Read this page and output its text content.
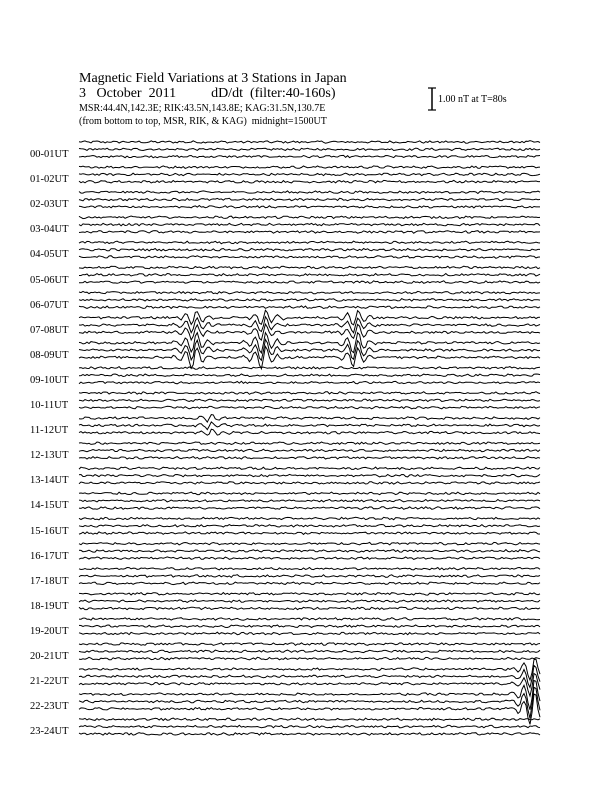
Magnetic Field Variations at 3 Stations in Japan
3   October  2011          dD/dt  (filter:40-160s)
MSR:44.4N,142.3E; RIK:43.5N,143.8E; KAG:31.5N,130.7E
(from bottom to top, MSR, RIK, & KAG)  midnight=1500UT
1.00 nT at T=80s
00-01UT
01-02UT
02-03UT
03-04UT
04-05UT
05-06UT
06-07UT
07-08UT
08-09UT
09-10UT
10-11UT
11-12UT
12-13UT
13-14UT
14-15UT
15-16UT
16-17UT
17-18UT
18-19UT
19-20UT
20-21UT
21-22UT
22-23UT
23-24UT
